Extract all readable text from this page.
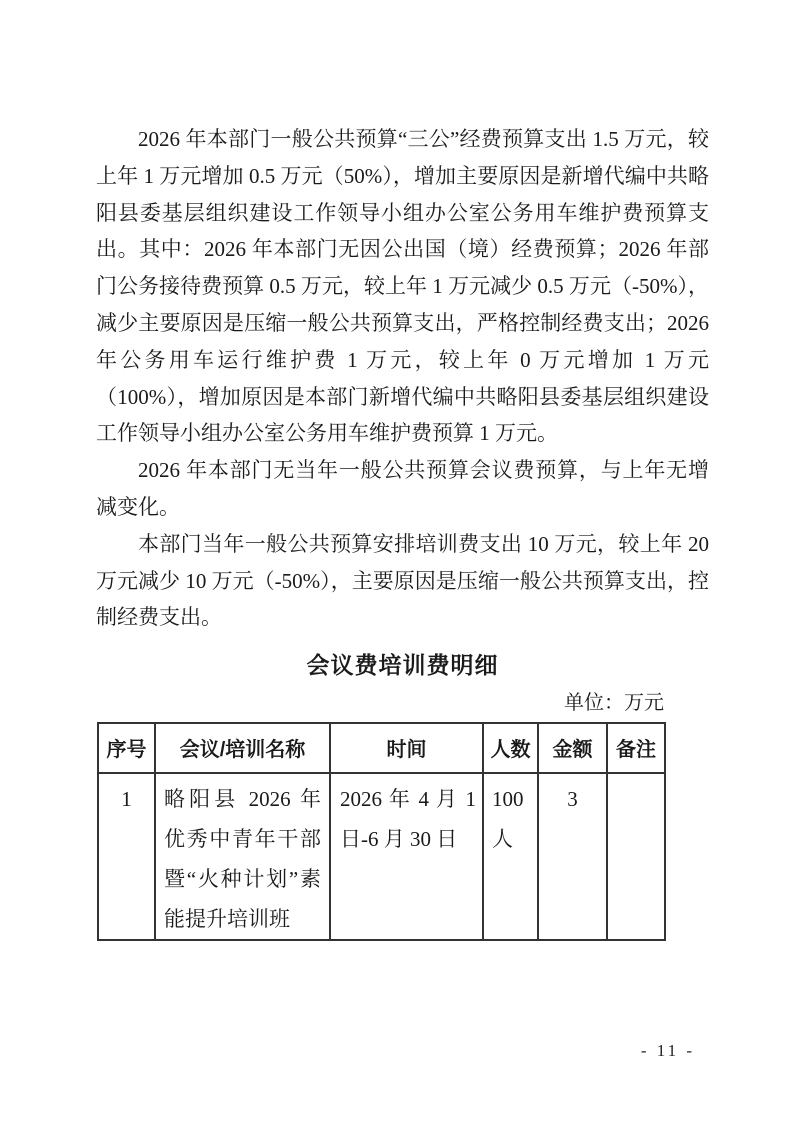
2026 年本部门一般公共预算“三公”经费预算支出 1.5 万元，较上年 1 万元增加 0.5 万元（50%），增加主要原因是新增代编中共略阳县委基层组织建设工作领导小组办公室公务用车维护费预算支出。其中：2026 年本部门无因公出国（境）经费预算；2026 年部门公务接待费预算 0.5 万元，较上年 1 万元减少 0.5 万元（-50%），减少主要原因是压缩一般公共预算支出，严格控制经费支出；2026 年公务用车运行维护费 1 万元，较上年 0 万元增加 1 万元（100%），增加原因是本部门新增代编中共略阳县委基层组织建设工作领导小组办公室公务用车维护费预算 1 万元。

2026 年本部门无当年一般公共预算会议费预算，与上年无增减变化。

本部门当年一般公共预算安排培训费支出 10 万元，较上年 20 万元减少 10 万元（-50%），主要原因是压缩一般公共预算支出，控制经费支出。

会议费培训费明细
单位：万元
序号	会议/培训名称	时间	人数	金额	备注
1	略阳县 2026 年优秀中青年干部暨“火种计划”素能提升培训班	2026 年 4 月 1 日-6 月 30 日	100 人	3	
- 11 -
